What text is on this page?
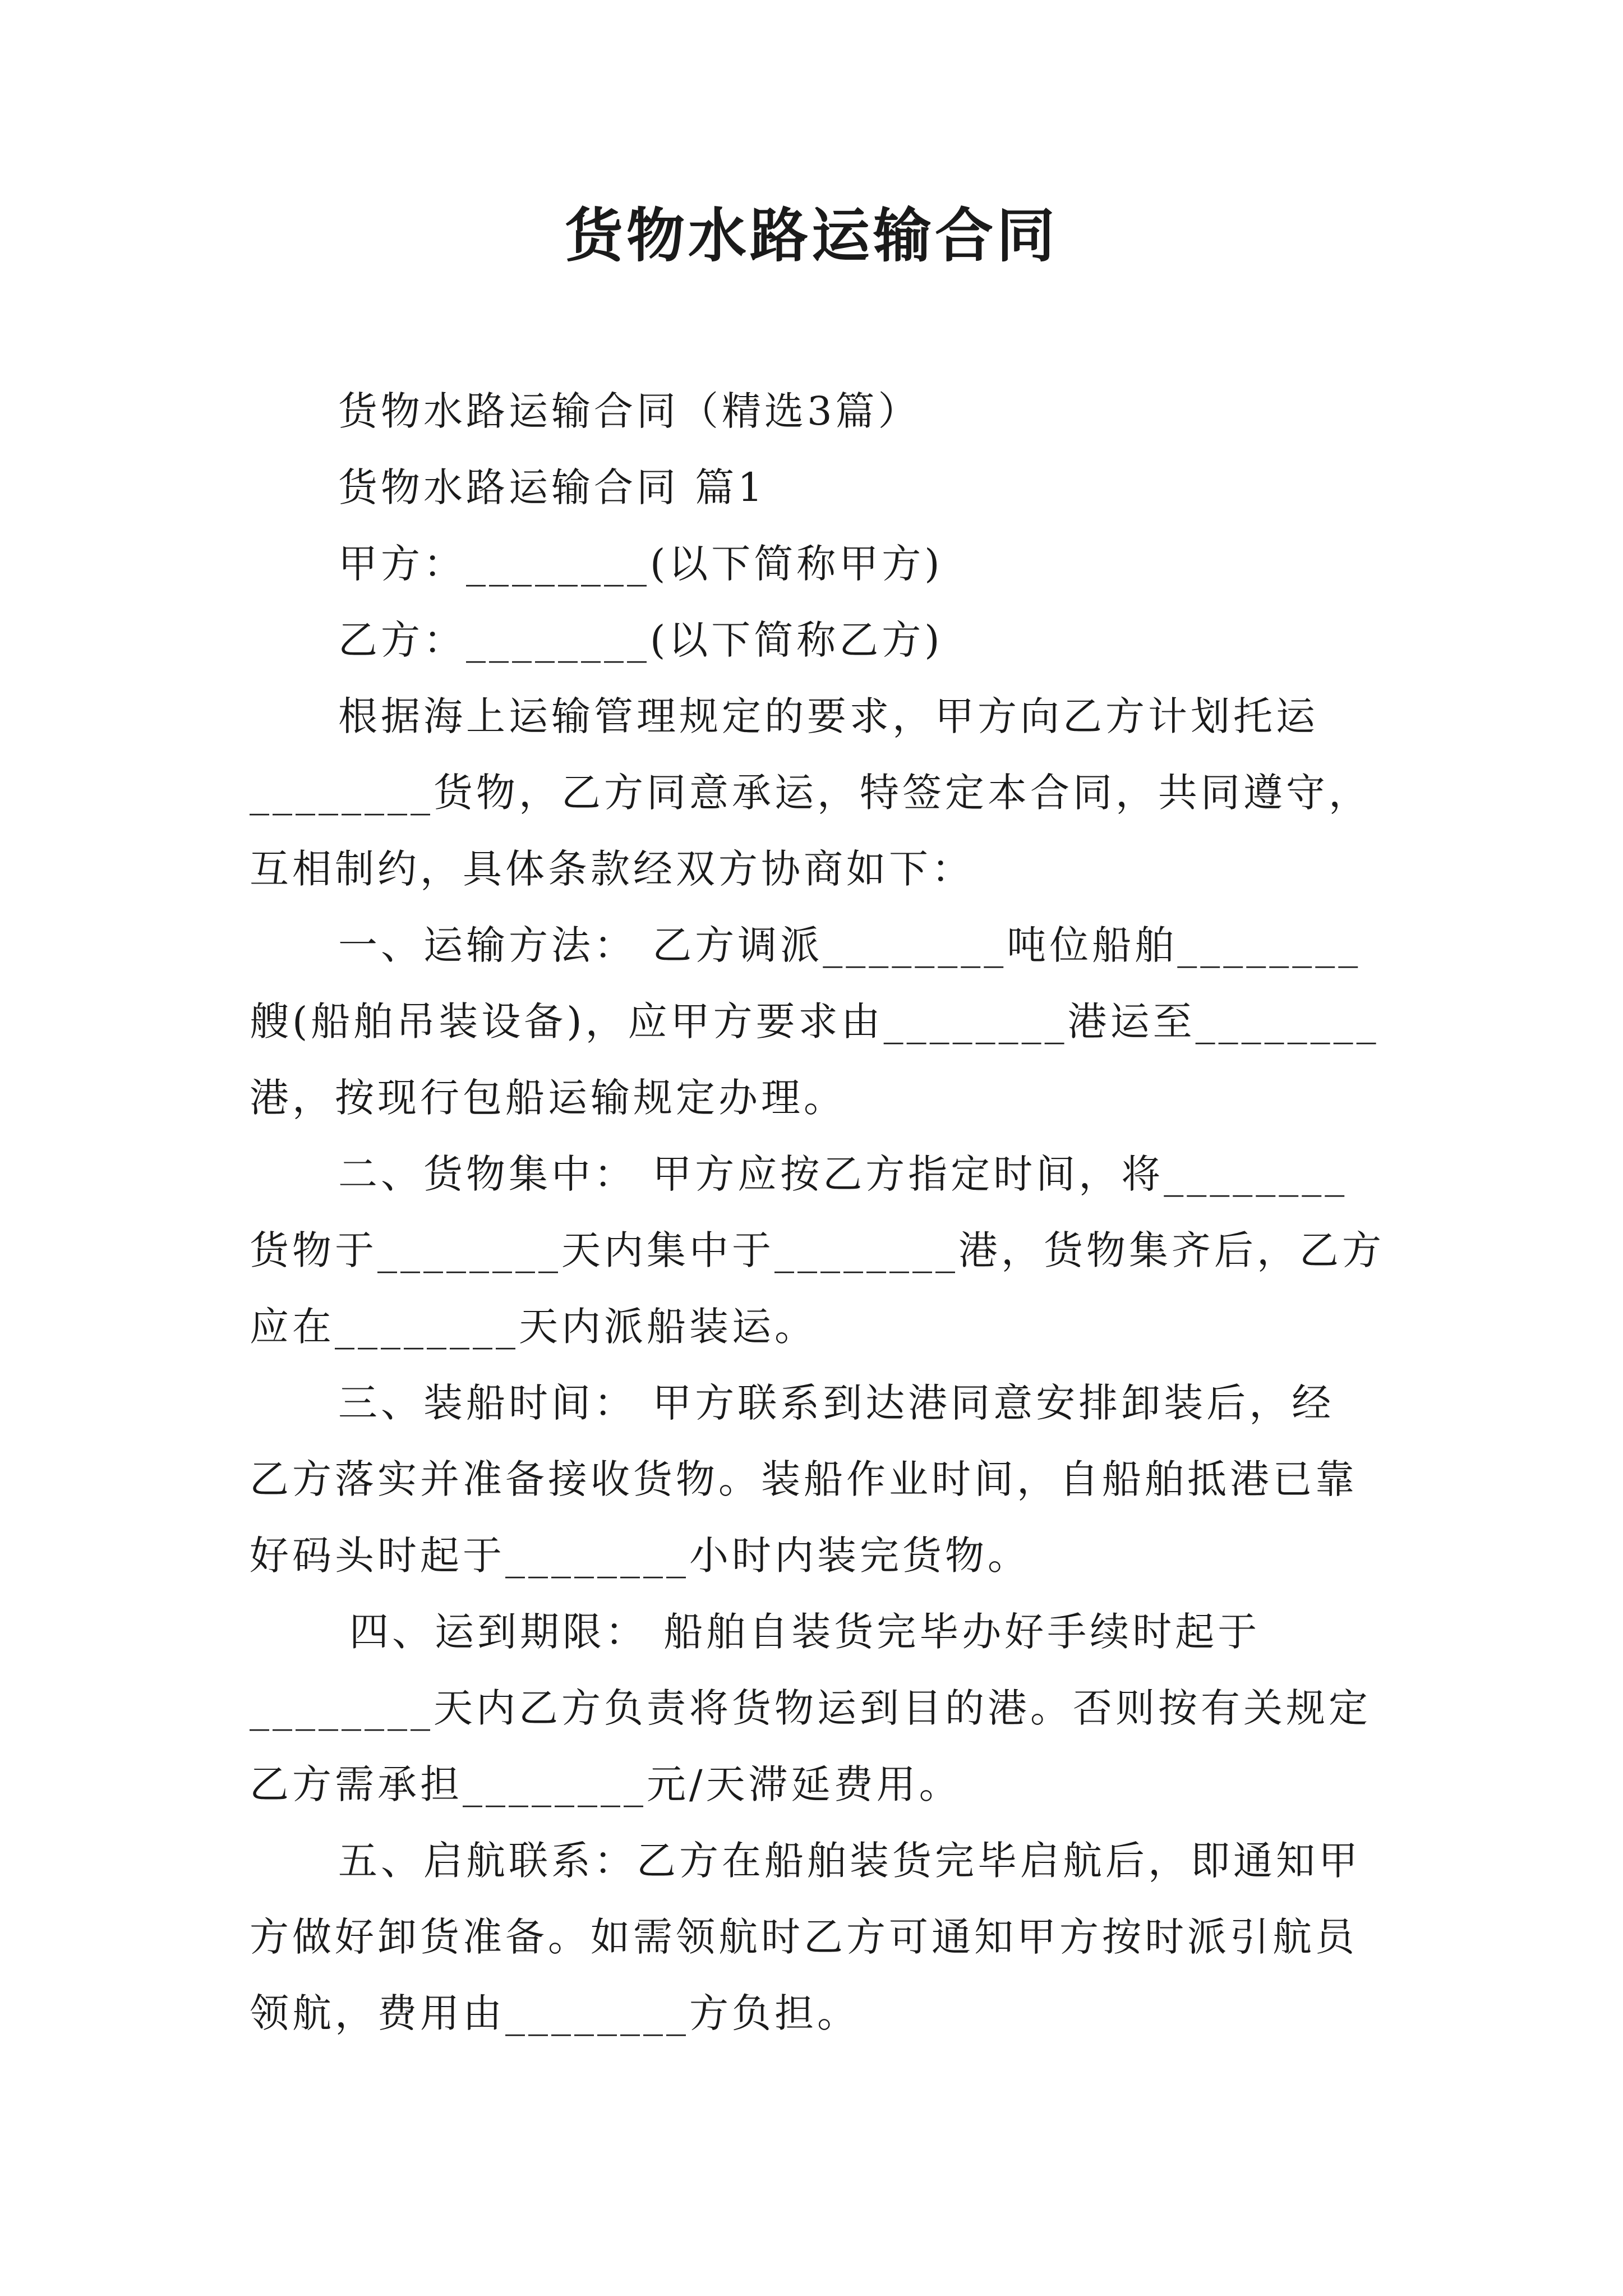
货物水路运输合同
货物水路运输合同（精选3篇）
货物水路运输合同 篇1
甲方：________(以下简称甲方)
乙方：________(以下简称乙方)
根据海上运输管理规定的要求，甲方向乙方计划托运
________货物，乙方同意承运，特签定本合同，共同遵守，
互相制约，具体条款经双方协商如下：
一、运输方法： 乙方调派________吨位船舶________
艘(船舶吊装设备)，应甲方要求由________港运至________
港，按现行包船运输规定办理。
二、货物集中： 甲方应按乙方指定时间，将________
货物于________天内集中于________港，货物集齐后，乙方
应在________天内派船装运。
三、装船时间： 甲方联系到达港同意安排卸装后，经
乙方落实并准备接收货物。装船作业时间，自船舶抵港已靠
好码头时起于________小时内装完货物。
四、运到期限： 船舶自装货完毕办好手续时起于
________天内乙方负责将货物运到目的港。否则按有关规定
乙方需承担________元/天滞延费用。
五、启航联系：乙方在船舶装货完毕启航后，即通知甲
方做好卸货准备。如需领航时乙方可通知甲方按时派引航员
领航，费用由________方负担。
